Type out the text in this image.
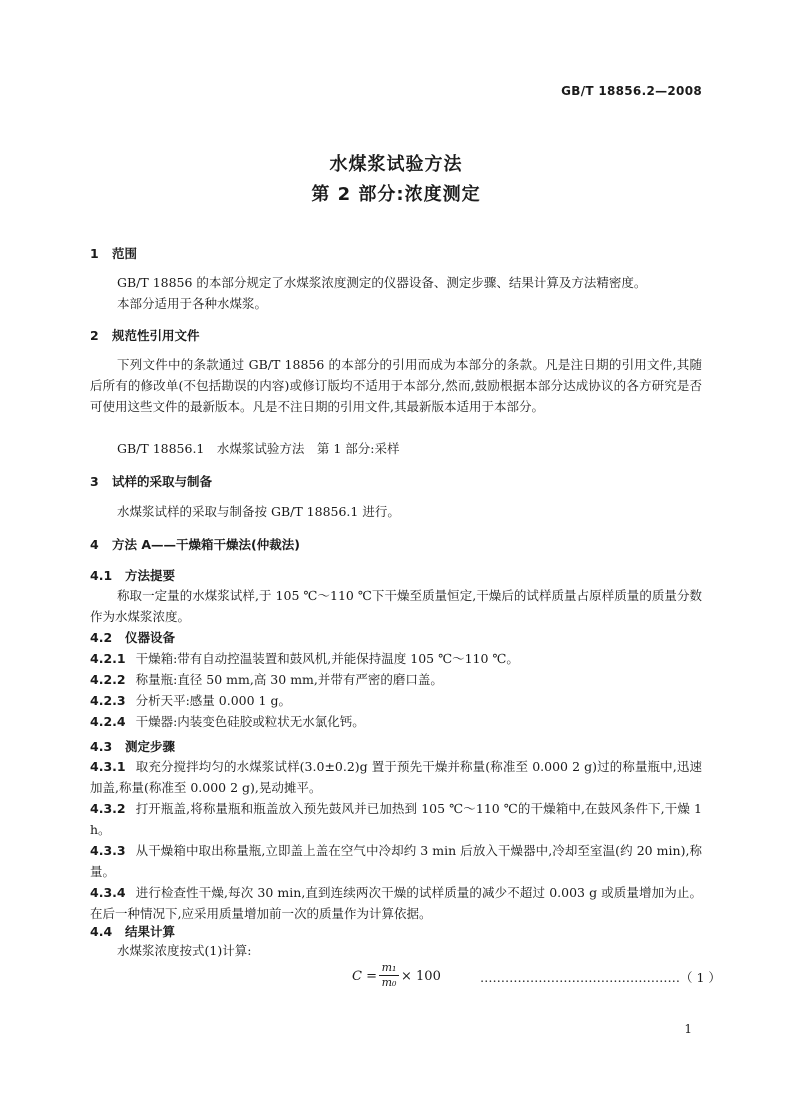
GB/T 18856.2—2008
水煤浆试验方法
第 2 部分:浓度测定
1 范围
GB/T 18856 的本部分规定了水煤浆浓度测定的仪器设备、测定步骤、结果计算及方法精密度。
本部分适用于各种水煤浆。
2 规范性引用文件
下列文件中的条款通过 GB/T 18856 的本部分的引用而成为本部分的条款。凡是注日期的引用文件,其随后所有的修改单(不包括勘误的内容)或修订版均不适用于本部分,然而,鼓励根据本部分达成协议的各方研究是否可使用这些文件的最新版本。凡是不注日期的引用文件,其最新版本适用于本部分。
GB/T 18856.1　水煤浆试验方法　第 1 部分:采样
3 试样的采取与制备
水煤浆试样的采取与制备按 GB/T 18856.1 进行。
4 方法 A——干燥箱干燥法(仲裁法)
4.1 方法提要
称取一定量的水煤浆试样,于 105 ℃～110 ℃下干燥至质量恒定,干燥后的试样质量占原样质量的质量分数作为水煤浆浓度。
4.2 仪器设备
4.2.1 干燥箱:带有自动控温装置和鼓风机,并能保持温度 105 ℃～110 ℃。
4.2.2 称量瓶:直径 50 mm,高 30 mm,并带有严密的磨口盖。
4.2.3 分析天平:感量 0.000 1 g。
4.2.4 干燥器:内装变色硅胶或粒状无水氯化钙。
4.3 测定步骤
4.3.1 取充分搅拌均匀的水煤浆试样(3.0±0.2)g 置于预先干燥并称量(称准至 0.000 2 g)过的称量瓶中,迅速加盖,称量(称准至 0.000 2 g),晃动摊平。
4.3.2 打开瓶盖,将称量瓶和瓶盖放入预先鼓风并已加热到 105 ℃～110 ℃的干燥箱中,在鼓风条件下,干燥 1 h。
4.3.3 从干燥箱中取出称量瓶,立即盖上盖在空气中冷却约 3 min 后放入干燥器中,冷却至室温(约 20 min),称量。
4.3.4 进行检查性干燥,每次 30 min,直到连续两次干燥的试样质量的减少不超过 0.003 g 或质量增加为止。在后一种情况下,应采用质量增加前一次的质量作为计算依据。
4.4 结果计算
水煤浆浓度按式(1)计算:
$C = \frac{\text{m₁}}{\text{m₀}} \times 100$	…………………………………………（ 1 ）
1
